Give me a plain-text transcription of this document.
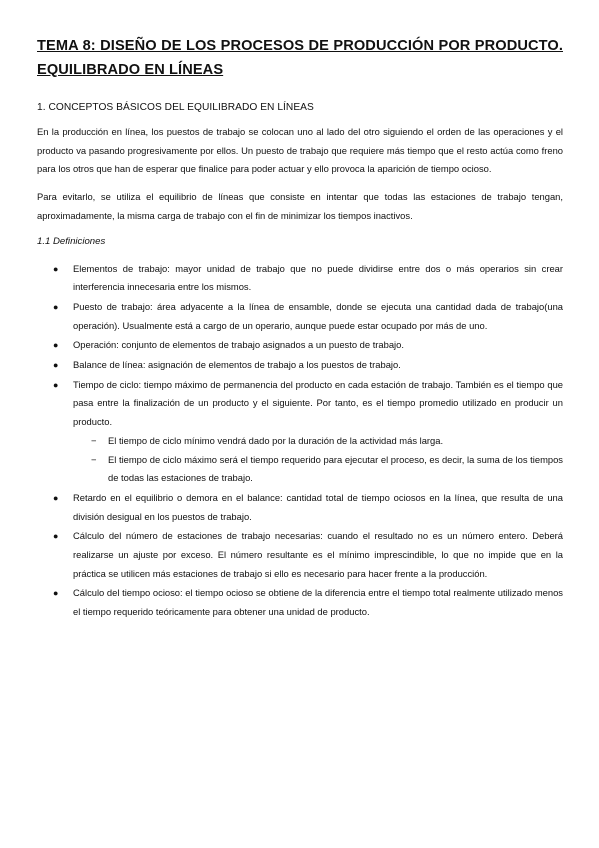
TEMA 8: DISEÑO DE LOS PROCESOS DE PRODUCCIÓN POR PRODUCTO.
EQUILIBRADO EN LÍNEAS
1. CONCEPTOS BÁSICOS DEL EQUILIBRADO EN LÍNEAS

En la producción en línea, los puestos de trabajo se colocan uno al lado del otro siguiendo el orden de las operaciones y el producto va pasando progresivamente por ellos. Un puesto de trabajo que requiere más tiempo que el resto actúa como freno para los otros que han de esperar que finalice para poder actuar y ello provoca la aparición de tiempo ocioso.

Para evitarlo, se utiliza el equilibrio de líneas que consiste en intentar que todas las estaciones de trabajo tengan, aproximadamente, la misma carga de trabajo con el fin de minimizar los tiempos inactivos.

1.1 Definiciones
● Elementos de trabajo: mayor unidad de trabajo que no puede dividirse entre dos o más operarios sin crear interferencia innecesaria entre los mismos.
● Puesto de trabajo: área adyacente a la línea de ensamble, donde se ejecuta una cantidad dada de trabajo(una operación). Usualmente está a cargo de un operario, aunque puede estar ocupado por más de uno.
● Operación: conjunto de elementos de trabajo asignados a un puesto de trabajo.
● Balance de línea: asignación de elementos de trabajo a los puestos de trabajo.
● Tiempo de ciclo: tiempo máximo de permanencia del producto en cada estación de trabajo. También es el tiempo que pasa entre la finalización de un producto y el siguiente. Por tanto, es el tiempo promedio utilizado en producir un producto.
− El tiempo de ciclo mínimo vendrá dado por la duración de la actividad más larga.
− El tiempo de ciclo máximo será el tiempo requerido para ejecutar el proceso, es decir, la suma de los tiempos de todas las estaciones de trabajo.
● Retardo en el equilibrio o demora en el balance: cantidad total de tiempo ociosos en la línea, que resulta de una división desigual en los puestos de trabajo.
● Cálculo del número de estaciones de trabajo necesarias: cuando el resultado no es un número entero. Deberá realizarse un ajuste por exceso. El número resultante es el mínimo imprescindible, lo que no impide que en la práctica se utilicen más estaciones de trabajo si ello es necesario para hacer frente a la producción.
● Cálculo del tiempo ocioso: el tiempo ocioso se obtiene de la diferencia entre el tiempo total realmente utilizado menos el tiempo requerido teóricamente para obtener una unidad de producto.
